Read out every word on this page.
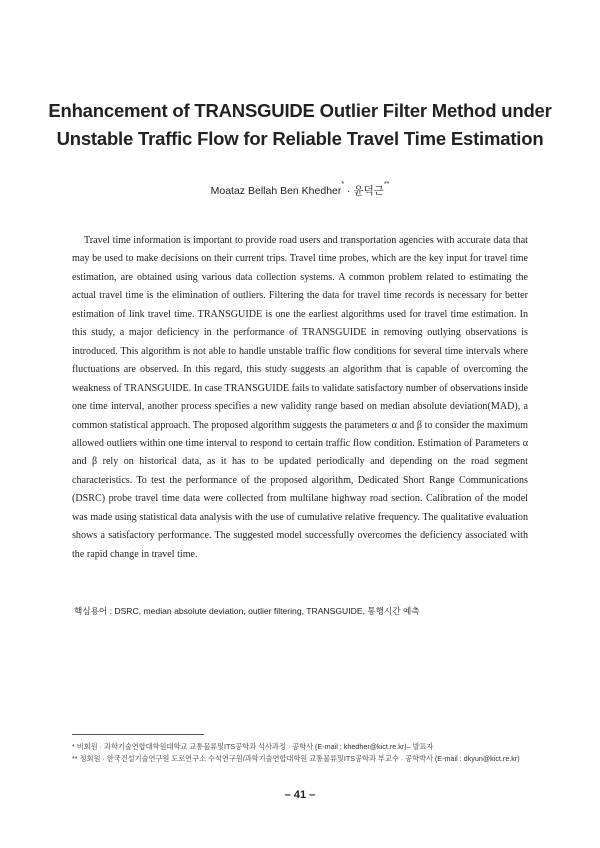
Enhancement of TRANSGUIDE Outlier Filter Method under
Unstable Traffic Flow for Reliable Travel Time Estimation
Moataz Bellah Ben Khedher* · 윤덕근**

Travel time information is important to provide road users and transportation agencies with accurate data that may be used to make decisions on their current trips. Travel time probes, which are the key input for travel time estimation, are obtained using various data collection systems. A common problem related to estimating the actual travel time is the elimination of outliers. Filtering the data for travel time records is necessary for better estimation of link travel time. TRANSGUIDE is one the earliest algorithms used for travel time estimation. In this study, a major deficiency in the performance of TRANSGUIDE in removing outlying observations is introduced. This algorithm is not able to handle unstable traffic flow conditions for several time intervals where fluctuations are observed. In this regard, this study suggests an algorithm that is capable of overcoming the weakness of TRANSGUIDE. In case TRANSGUIDE fails to validate satisfactory number of observations inside one time interval, another process specifies a new validity range based on median absolute deviation(MAD), a common statistical approach. The proposed algorithm suggests the parameters α and β to consider the maximum allowed outliers within one time interval to respond to certain traffic flow condition. Estimation of Parameters α and β rely on historical data, as it has to be updated periodically and depending on the road segment characteristics. To test the performance of the proposed algorithm, Dedicated Short Range Communications (DSRC) probe travel time data were collected from multilane highway road section. Calibration of the model was made using statistical data analysis with the use of cumulative relative frequency. The qualitative evaluation shows a satisfactory performance. The suggested model successfully overcomes the deficiency associated with the rapid change in travel time.

핵심용어 : DSRC, median absolute deviation, outlier filtering, TRANSGUIDE, 통행시간 예측
* 비회원 · 과학기술연합대학원대학교 교통물류및ITS공학과 석사과정 · 공학사 (E-mail : khedher@kict.re.kr)– 발표자
** 정회원 · 한국건설기술연구원 도로연구소 수석연구원/과학기술연합대학원 교통물류및ITS공학과 부교수 · 공학박사 (E-mail : dkyun@kict.re.kr)
– 41 –
